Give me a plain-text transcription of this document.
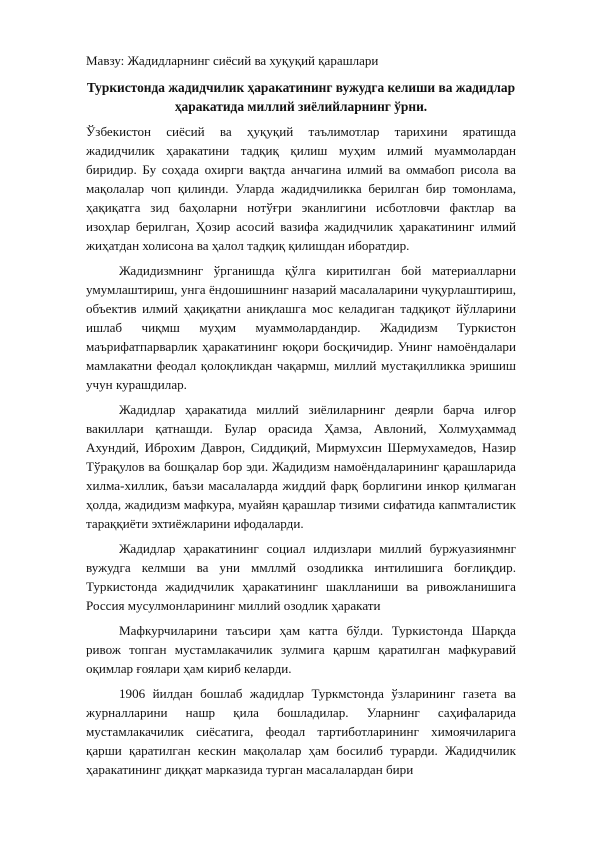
Мавзу: Жадидларнинг сиёсий ва хуқуқий қарашлари

Туркистонда жадидчилик ҳаракатининг вужудга келиши ва жадидлар ҳаракатида миллий зиёлийларнинг ўрни.

Ўзбекистон сиёсий ва ҳуқуқий таълимотлар тарихини яратишда жадидчилик ҳаракатини тадқиқ қилиш муҳим илмий муаммолардан биридир. Бу соҳада охирги вақтда анчагина илмий ва оммабоп рисола ва мақолалар чоп қилинди. Уларда жадидчиликка берилган бир томонлама, ҳақиқатга зид баҳоларни нотўғри эканлигини исботловчи фактлар ва изоҳлар берилган, Ҳозир асосий вазифа жадидчилик ҳаракатининг илмий жиҳатдан холисона ва ҳалол тадқиқ қилишдан иборатдир.

Жадидизмнинг ўрганишда қўлга киритилган бой материалларни умумлаштириш, унга ёндошишнинг назарий масалаларини чуқурлаштириш, объектив илмий ҳақиқатни аниқлашга мос келадиган тадқиқот йўлларини ишлаб чиқмш муҳим муаммолардандир. Жадидизм Туркистон маърифатпарварлик ҳаракатининг юқори босқичидир. Унинг намоёндалари мамлакатни феодал қолоқликдан чақармш, миллий мустақилликка эришиш учун курашдилар.

Жадидлар ҳаракатида миллий зиёлиларнинг деярли барча илғор вакиллари қатнашди. Булар орасида Ҳамза, Авлоний, Холмуҳаммад Ахундий, Иброхим Даврон, Сиддиқий, Мирмухсин Шермухамедов, Назир Тўрақулов ва бошқалар бор эди. Жадидизм намоёндаларининг қарашларида хилма-хиллик, баъзи масалаларда жиддий фарқ борлигини инкор қилмаган ҳолда, жадидизм мафкура, муайян қарашлар тизими сифатида капмталистик тараққиёти эхтиёжларини ифодаларди.

Жадидлар ҳаракатининг социал илдизлари миллий буржуазиянмнг вужудга келмши ва уни ммллмй озодликка интилишига боғлиқдир. Туркистонда жадидчилик ҳаракатининг шаклланиши ва ривожланишига Россия мусулмонларининг миллий озодлик ҳаракати

Мафкурчиларини таъсири ҳам катта бўлди. Туркистонда Шарқда ривож топган мустамлакачилик зулмига қаршм қаратилган мафкуравий оқимлар ғоялари ҳам кириб келарди.

1906 йилдан бошлаб жадидлар Туркмстонда ўзларининг газета ва журналларини нашр қила бошладилар. Уларнинг саҳифаларида мустамлакачилик сиёсатига, феодал тартиботларининг химоячиларига қарши қаратилган кескин мақолалар ҳам босилиб турарди. Жадидчилик ҳаракатининг диққат марказида турган масалалардан бири
